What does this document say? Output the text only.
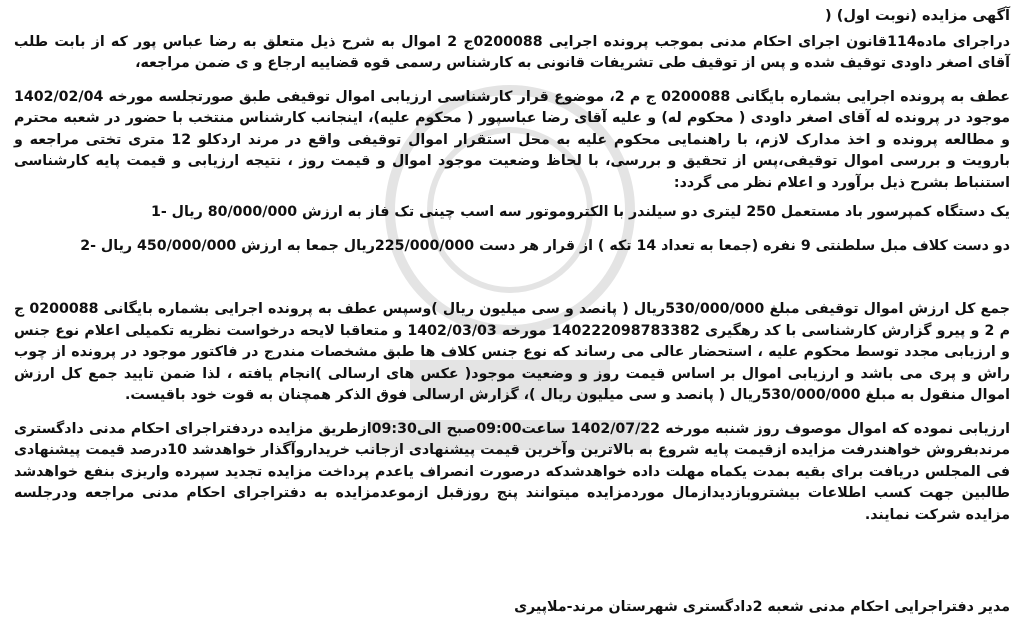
آگهی مزایده (نوبت اول) (

دراجرای ماده114قانون اجرای احکام مدنی بموجب پرونده اجرایی 0200088ج 2 اموال به شرح ذیل متعلق به رضا عباس پور که از بابت طلب آقای اصغر داودی توقیف شده و پس از توقیف طی تشریفات قانونی به کارشناس رسمی قوه قضاییه ارجاع و ی ضمن مراجعه،

عطف به پرونده اجرایی بشماره بایگانی 0200088 ج م 2، موضوع قرار کارشناسی ارزیابی اموال توقیفی طبق صورتجلسه مورخه 1402/02/04 موجود در پرونده له آقای اصغر داودی ( محکوم له) و علیه آقای رضا عباسپور ( محکوم علیه)، اینجانب کارشناس منتخب با حضور در شعبه محترم و مطالعه پرونده و اخذ مدارک لازم، با راهنمایی محکوم علیه به محل استقرار اموال توقیفی واقع در مرند اردکلو 12 متری تختی مراجعه و بارویت و بررسی اموال توقیفی،پس از تحقیق و بررسی، با لحاظ وضعیت موجود اموال و قیمت روز ، نتیجه ارزیابی و قیمت پایه کارشناسی استنباط بشرح ذیل برآورد و اعلام نظر می گردد:

یک دستگاه کمپرسور باد مستعمل 250 لیتری دو سیلندر با الکتروموتور سه اسب چینی تک فاز به ارزش 80/000/000 ریال -1

دو دست کلاف مبل سلطنتی 9 نفره (جمعا به تعداد 14 تکه ) از قرار هر دست 225/000/000ریال جمعا به ارزش 450/000/000 ریال -2

جمع کل ارزش اموال توقیفی مبلغ 530/000/000ریال ( پانصد و سی میلیون ریال )وسپس عطف به پرونده اجرایی بشماره بایگانی 0200088 ج م 2 و پیرو گزارش کارشناسی با کد رهگیری 140222098783382 مورخه 1402/03/03 و متعاقبا لایحه درخواست نظریه تکمیلی اعلام نوع جنس و ارزیابی مجدد توسط محکوم علیه ، استحضار عالی می رساند که نوع جنس کلاف ها طبق مشخصات مندرج در فاکتور موجود در پرونده از چوب راش و پری می باشد و ارزیابی اموال بر اساس قیمت روز و وضعیت موجود( عکس های ارسالی )انجام یافته ، لذا ضمن تایید جمع کل ارزش اموال منقول به مبلغ 530/000/000ریال ( پانصد و سی میلیون ریال )، گزارش ارسالی فوق الذکر همچنان به قوت خود باقیست.

ارزیابی نموده که اموال موصوف روز شنبه مورخه 1402/07/22 ساعت09:00صبح الی09:30ازطریق مزایده دردفتراجرای احکام مدنی دادگستری مرندبفروش خواهندرفت مزایده ازقیمت پایه شروع به بالاترین وآخرین قیمت پیشنهادی ازجانب خریداروآگذار خواهدشد 10درصد قیمت پیشنهادی فی المجلس دریافت برای بقیه بمدت یکماه مهلت داده خواهدشدکه درصورت انصراف یاعدم پرداخت مزایده تجدید سپرده واریزی بنفع خواهدشد طالبین جهت کسب اطلاعات بیشتروبازدیدازمال موردمزایده میتوانند پنج روزقبل ازموعدمزایده به دفتراجرای احکام مدنی مراجعه ودرجلسه مزایده شرکت نمایند.

مدیر دفتراجرایی احکام مدنی شعبه 2دادگستری شهرستان مرند-ملاپیری
